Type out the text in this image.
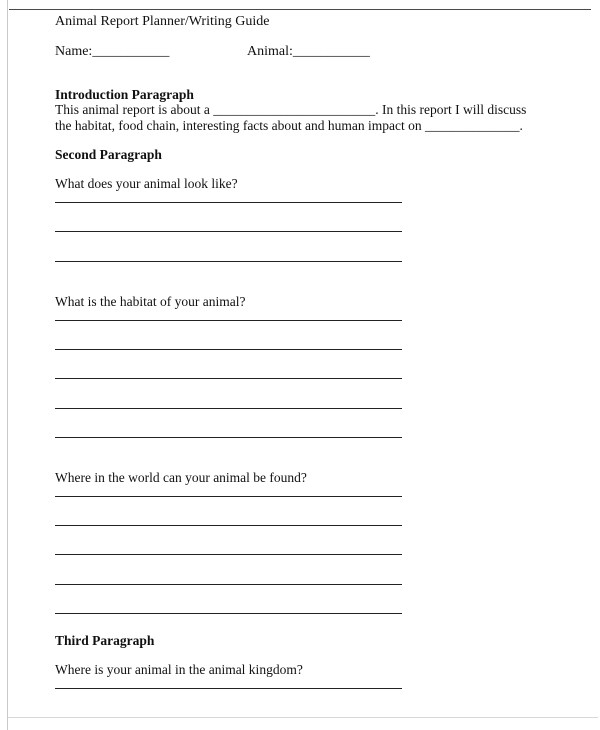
Animal Report Planner/Writing Guide
Name:___________	Animal:___________
Introduction Paragraph
This animal report is about a ________________________. In this report I will discuss
the habitat, food chain, interesting facts about and human impact on ______________.
Second Paragraph
What does your animal look like?
What is the habitat of your animal?
Where in the world can your animal be found?
Third Paragraph
Where is your animal in the animal kingdom?
